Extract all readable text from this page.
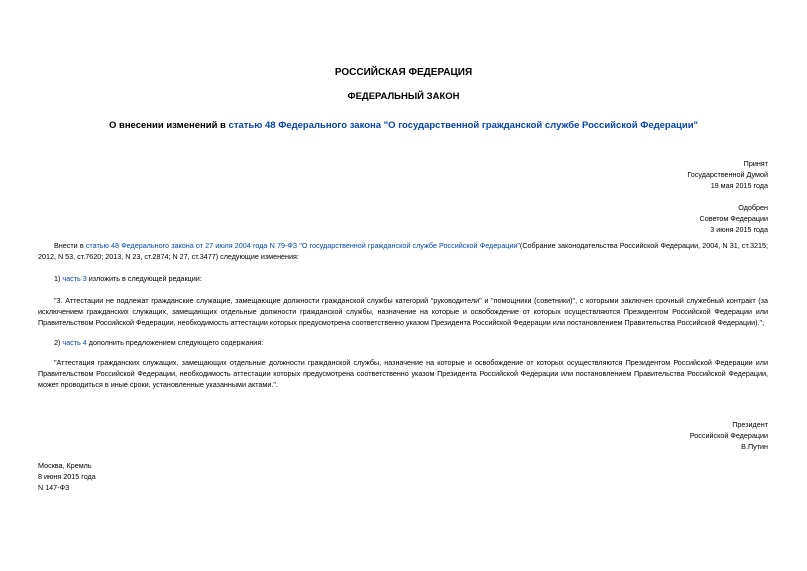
РОССИЙСКАЯ ФЕДЕРАЦИЯ
ФЕДЕРАЛЬНЫЙ ЗАКОН
О внесении изменений в статью 48 Федерального закона "О государственной гражданской службе Российской Федерации"
Принят
Государственной Думой
19 мая 2015 года
Одобрен
Советом Федерации
3 июня 2015 года
Внести в статью 48 Федерального закона от 27 июля 2004 года N 79-ФЗ "О государственной гражданской службе Российской Федерации"(Собрание законодательства Российской Федерации, 2004, N 31, ст.3215; 2012, N 53, ст.7620; 2013, N 23, ст.2874; N 27, ст.3477) следующие изменения:
1) часть 3 изложить в следующей редакции:
"3. Аттестации не подлежат гражданские служащие, замещающие должности гражданской службы категорий "руководители" и "помощники (советники)", с которыми заключен срочный служебный контракт (за исключением гражданских служащих, замещающих отдельные должности гражданской службы, назначение на которые и освобождение от которых осуществляются Президентом Российской Федерации или Правительством Российской Федерации, необходимость аттестации которых предусмотрена соответственно указом Президента Российской Федерации или постановлением Правительства Российской Федерации).";
2) часть 4 дополнить предложением следующего содержания:
"Аттестация гражданских служащих, замещающих отдельные должности гражданской службы, назначение на которые и освобождение от которых осуществляются Президентом Российской Федерации или Правительством Российской Федерации, необходимость аттестации которых предусмотрена соответственно указом Президента Российской Федерации или постановлением Правительства Российской Федерации, может проводиться в иные сроки, установленные указанными актами.".
Президент
Российской Федерации
В.Путин
Москва, Кремль
8 июня 2015 года
N 147-ФЗ
